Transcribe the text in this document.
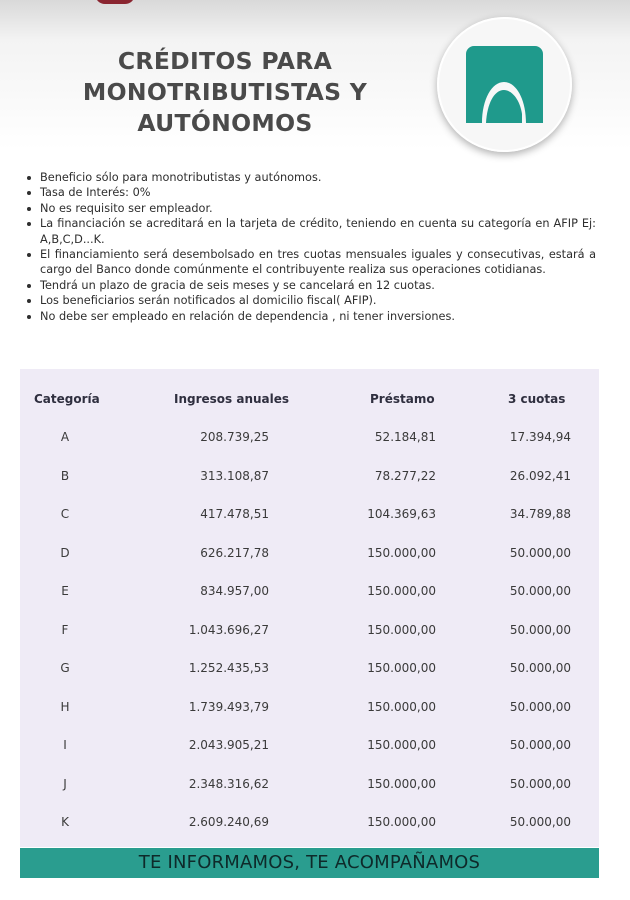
CRÉDITOS PARA
MONOTRIBUTISTAS Y
AUTÓNOMOS
Beneficio sólo para monotributistas y autónomos.
Tasa de Interés: 0%
No es requisito ser empleador.
La financiación se acreditará en la tarjeta de crédito, teniendo en cuenta su categoría en AFIP Ej: A,B,C,D...K.
El financiamiento será desembolsado en tres cuotas mensuales iguales y consecutivas, estará a cargo del Banco donde comúnmente el contribuyente realiza sus operaciones cotidianas.
Tendrá un plazo de gracia de seis meses y se cancelará en 12 cuotas.
Los beneficiarios serán notificados al domicilio fiscal( AFIP).
No debe ser empleado en relación de dependencia , ni tener inversiones.
Categoría	Ingresos anuales	Préstamo	3 cuotas
A	208.739,25	52.184,81	17.394,94
B	313.108,87	78.277,22	26.092,41
C	417.478,51	104.369,63	34.789,88
D	626.217,78	150.000,00	50.000,00
E	834.957,00	150.000,00	50.000,00
F	1.043.696,27	150.000,00	50.000,00
G	1.252.435,53	150.000,00	50.000,00
H	1.739.493,79	150.000,00	50.000,00
I	2.043.905,21	150.000,00	50.000,00
J	2.348.316,62	150.000,00	50.000,00
K	2.609.240,69	150.000,00	50.000,00
TE INFORMAMOS, TE ACOMPAÑAMOS
